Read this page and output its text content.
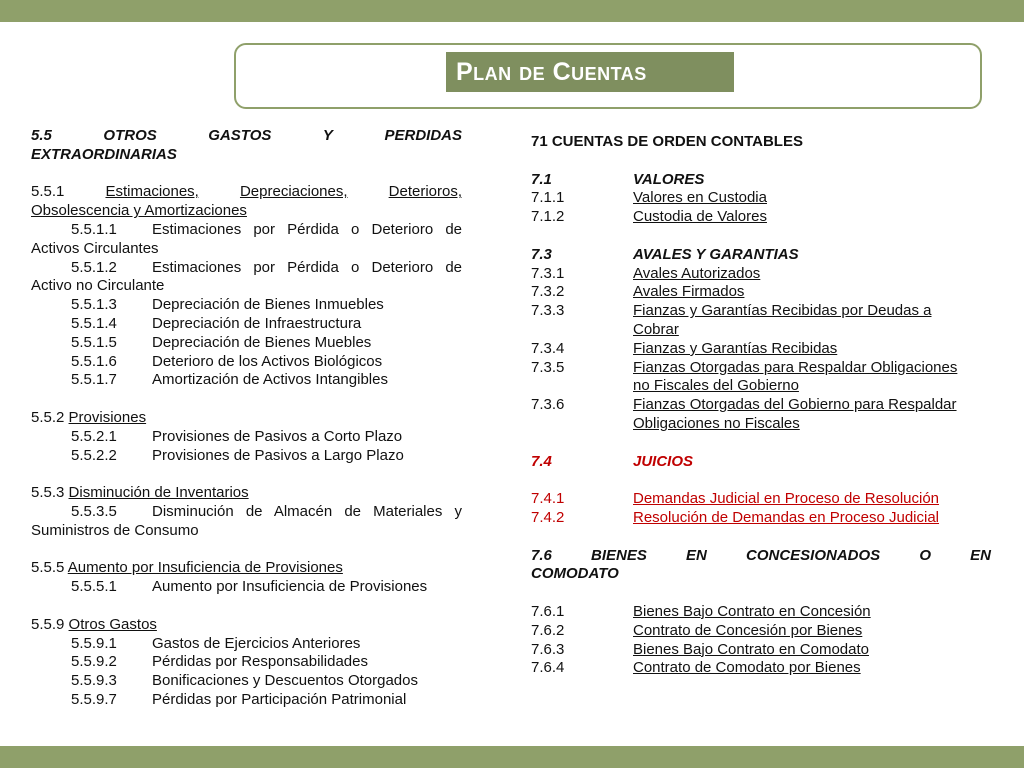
Plan de Cuentas
5.5	OTROS	GASTOS	Y	PERDIDAS
EXTRAORDINARIAS
5.5.1	Estimaciones,	Depreciaciones,	Deterioros,
Obsolescencia y Amortizaciones
5.5.1.1	Estimaciones por Pérdida o Deterioro de
Activos Circulantes
5.5.1.2	Estimaciones por Pérdida o Deterioro de
Activo no Circulante
5.5.1.3 Depreciación de Bienes Inmuebles
5.5.1.4 Depreciación de Infraestructura
5.5.1.5 Depreciación de Bienes Muebles
5.5.1.6 Deterioro de los Activos Biológicos
5.5.1.7 Amortización de Activos Intangibles
5.5.2 Provisiones
5.5.2.1 Provisiones de Pasivos a Corto Plazo
5.5.2.2 Provisiones de Pasivos a Largo Plazo
5.5.3 Disminución de Inventarios
5.5.3.5	Disminución de Almacén de Materiales y
Suministros de Consumo
5.5.5 Aumento por Insuficiencia de Provisiones
5.5.5.1 Aumento por Insuficiencia de Provisiones
5.5.9 Otros Gastos
5.5.9.1 Gastos de Ejercicios Anteriores
5.5.9.2 Pérdidas por Responsabilidades
5.5.9.3 Bonificaciones y Descuentos Otorgados
5.5.9.7 Pérdidas por Participación Patrimonial
71 CUENTAS DE ORDEN CONTABLES
7.1	VALORES
7.1.1	Valores en Custodia
7.1.2	Custodia de Valores
7.3	AVALES Y GARANTIAS
7.3.1	Avales Autorizados
7.3.2	Avales Firmados
7.3.3	Fianzas y Garantías Recibidas por Deudas a Cobrar
7.3.4	Fianzas y Garantías Recibidas
7.3.5	Fianzas Otorgadas para Respaldar Obligaciones no Fiscales del Gobierno
7.3.6	Fianzas Otorgadas del Gobierno para Respaldar Obligaciones no Fiscales
7.4	JUICIOS
7.4.1	Demandas Judicial en Proceso de Resolución
7.4.2	Resolución de Demandas en Proceso Judicial
7.6	BIENES	EN	CONCESIONADOS	O	EN
COMODATO
7.6.1	Bienes Bajo Contrato en Concesión
7.6.2	Contrato de Concesión por Bienes
7.6.3	Bienes Bajo Contrato en Comodato
7.6.4	Contrato de Comodato por Bienes
